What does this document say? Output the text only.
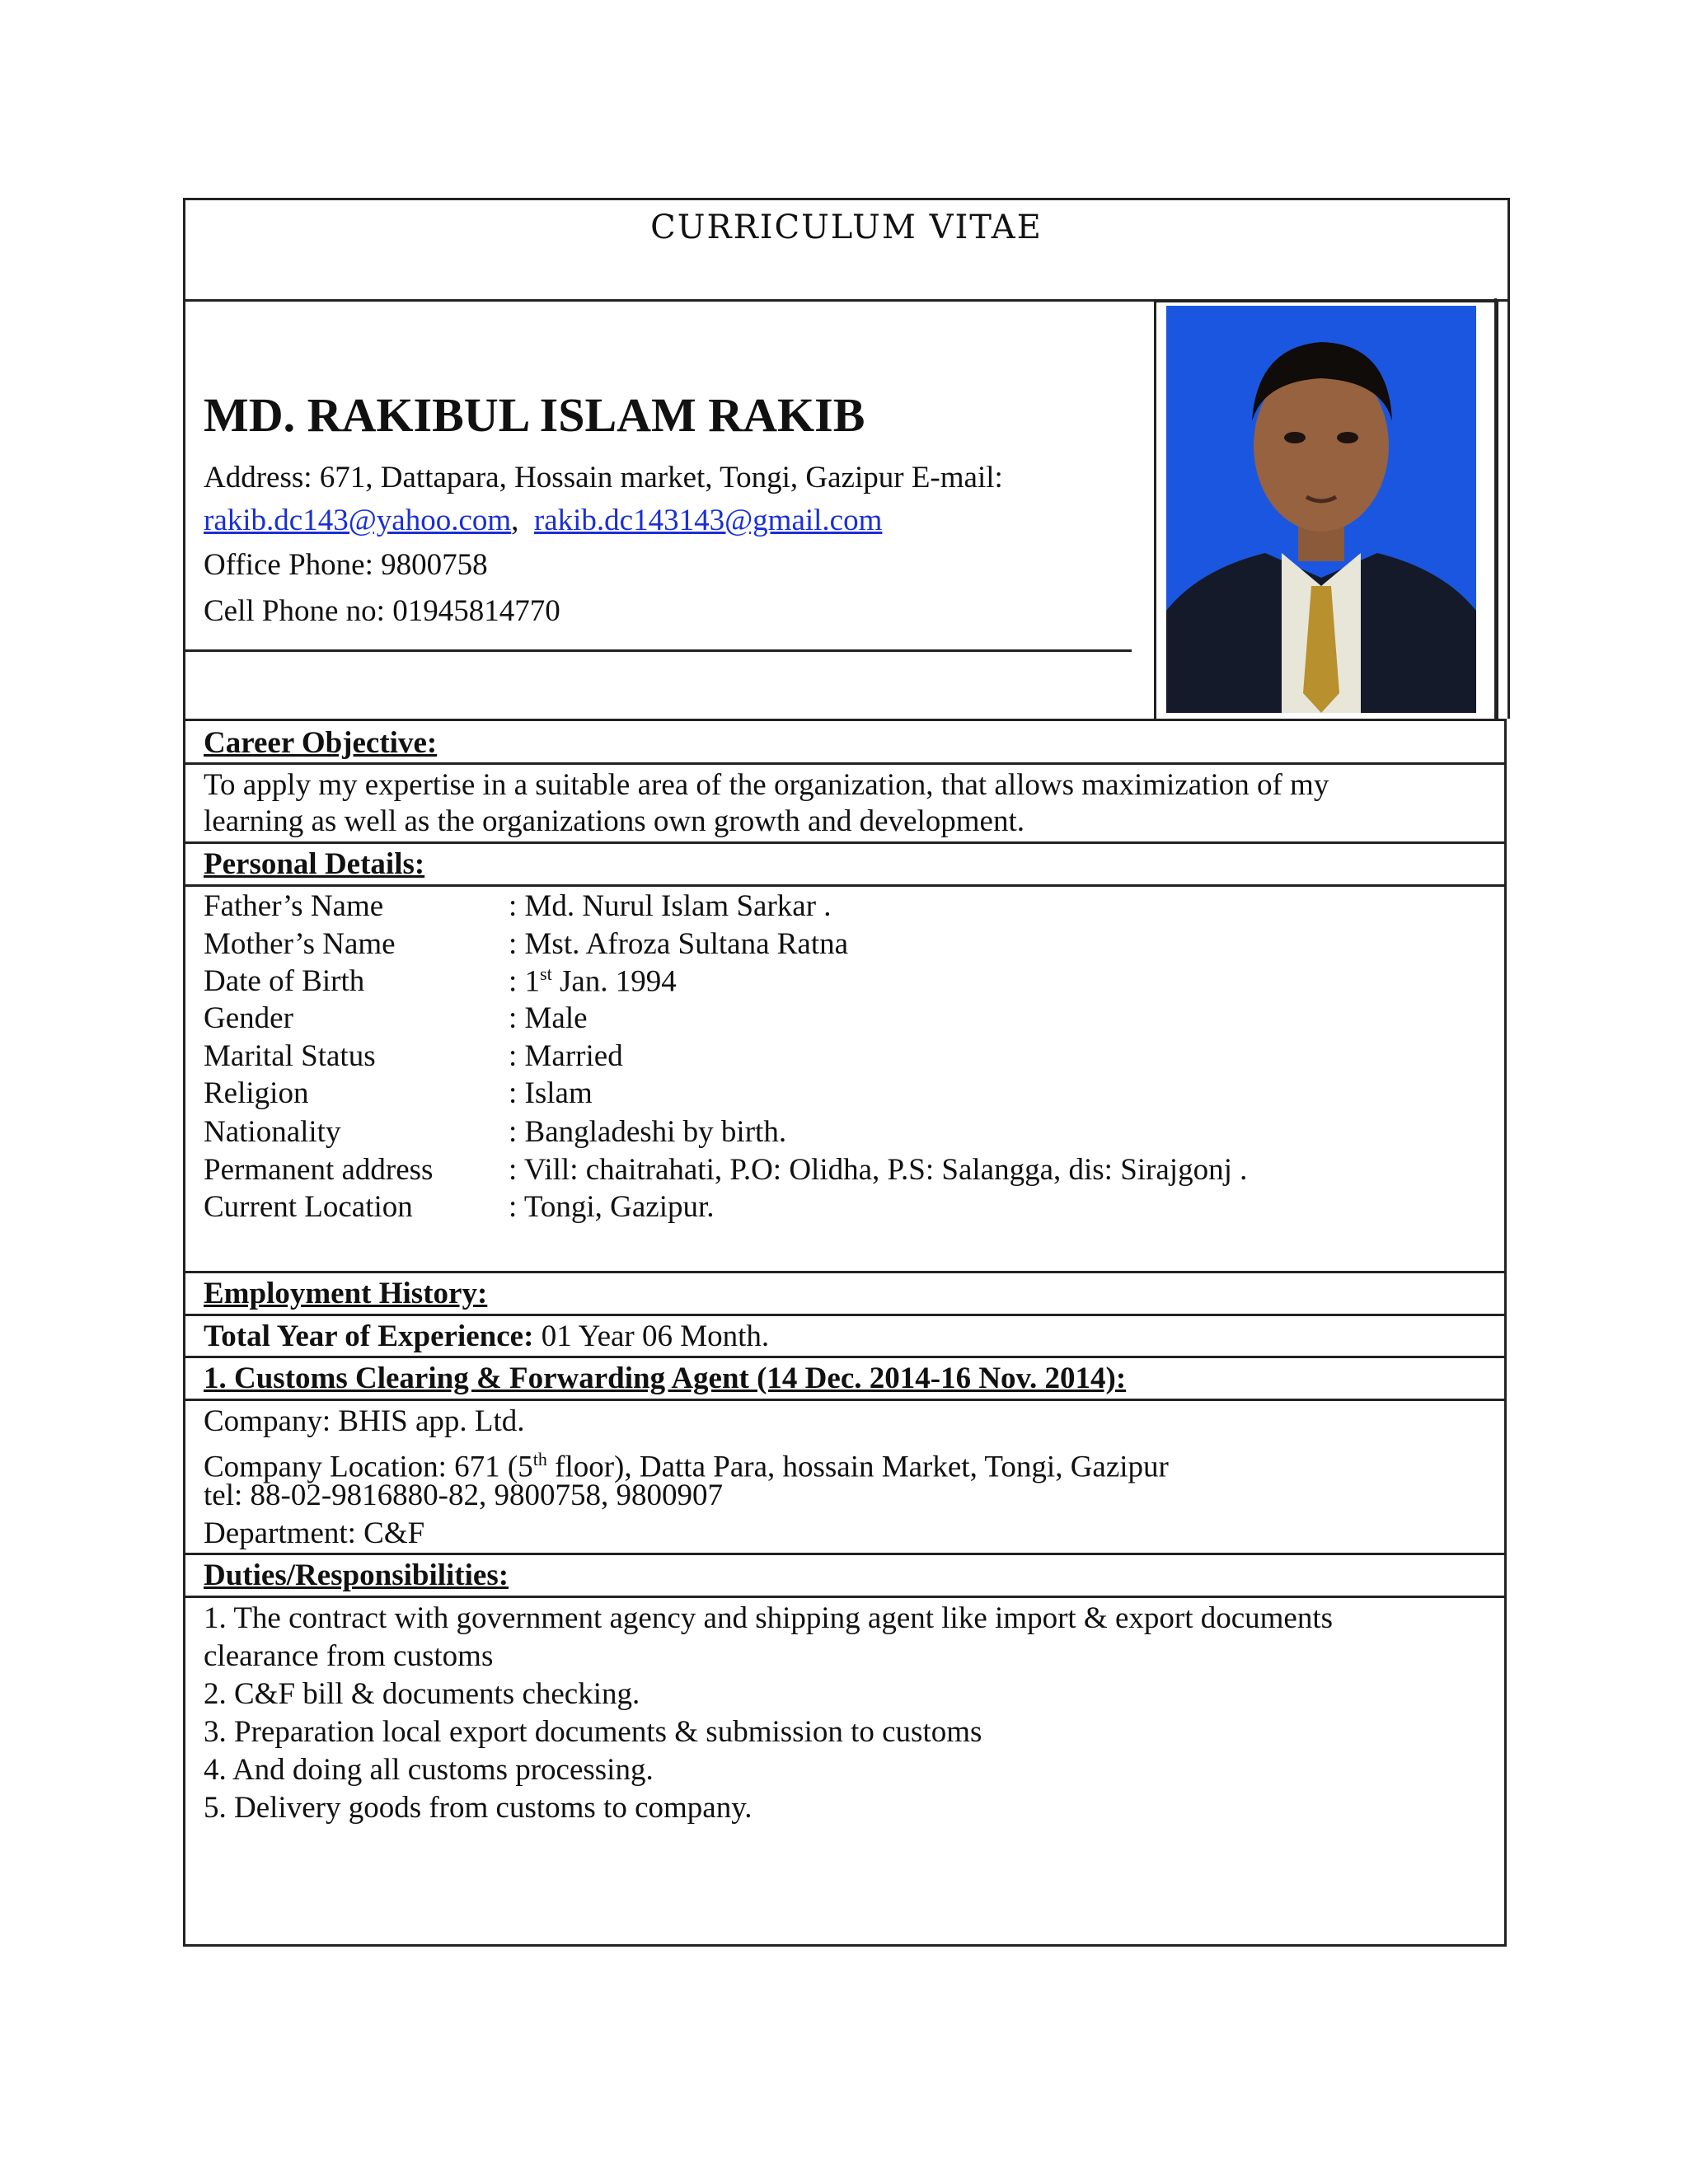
CURRICULUM VITAE
MD. RAKIBUL ISLAM RAKIB
Address: 671, Dattapara, Hossain market, Tongi, Gazipur E-mail:
rakib.dc143@yahoo.com, rakib.dc143143@gmail.com
Office Phone: 9800758
Cell Phone no: 01945814770
Career Objective:
To apply my expertise in a suitable area of the organization, that allows maximization of my
learning as well as the organizations own growth and development.
Personal Details:
Father’s Name	: Md. Nurul Islam Sarkar .
Mother’s Name	: Mst. Afroza Sultana Ratna
Date of Birth	: 1st Jan. 1994
Gender	: Male
Marital Status	: Married
Religion	: Islam
Nationality	: Bangladeshi by birth.
Permanent address : Vill: chaitrahati, P.O: Olidha, P.S: Salangga, dis: Sirajgonj .
Current Location	: Tongi, Gazipur.
Employment History:
Total Year of Experience: 01 Year 06 Month.
1. Customs Clearing & Forwarding Agent (14 Dec. 2014-16 Nov. 2014):
Company: BHIS app. Ltd.
Company Location: 671 (5th floor), Datta Para, hossain Market, Tongi, Gazipur
tel: 88-02-9816880-82, 9800758, 9800907
Department: C&F
Duties/Responsibilities:
1. The contract with government agency and shipping agent like import & export documents
clearance from customs
2. C&F bill & documents checking.
3. Preparation local export documents & submission to customs
4. And doing all customs processing.
5. Delivery goods from customs to company.
